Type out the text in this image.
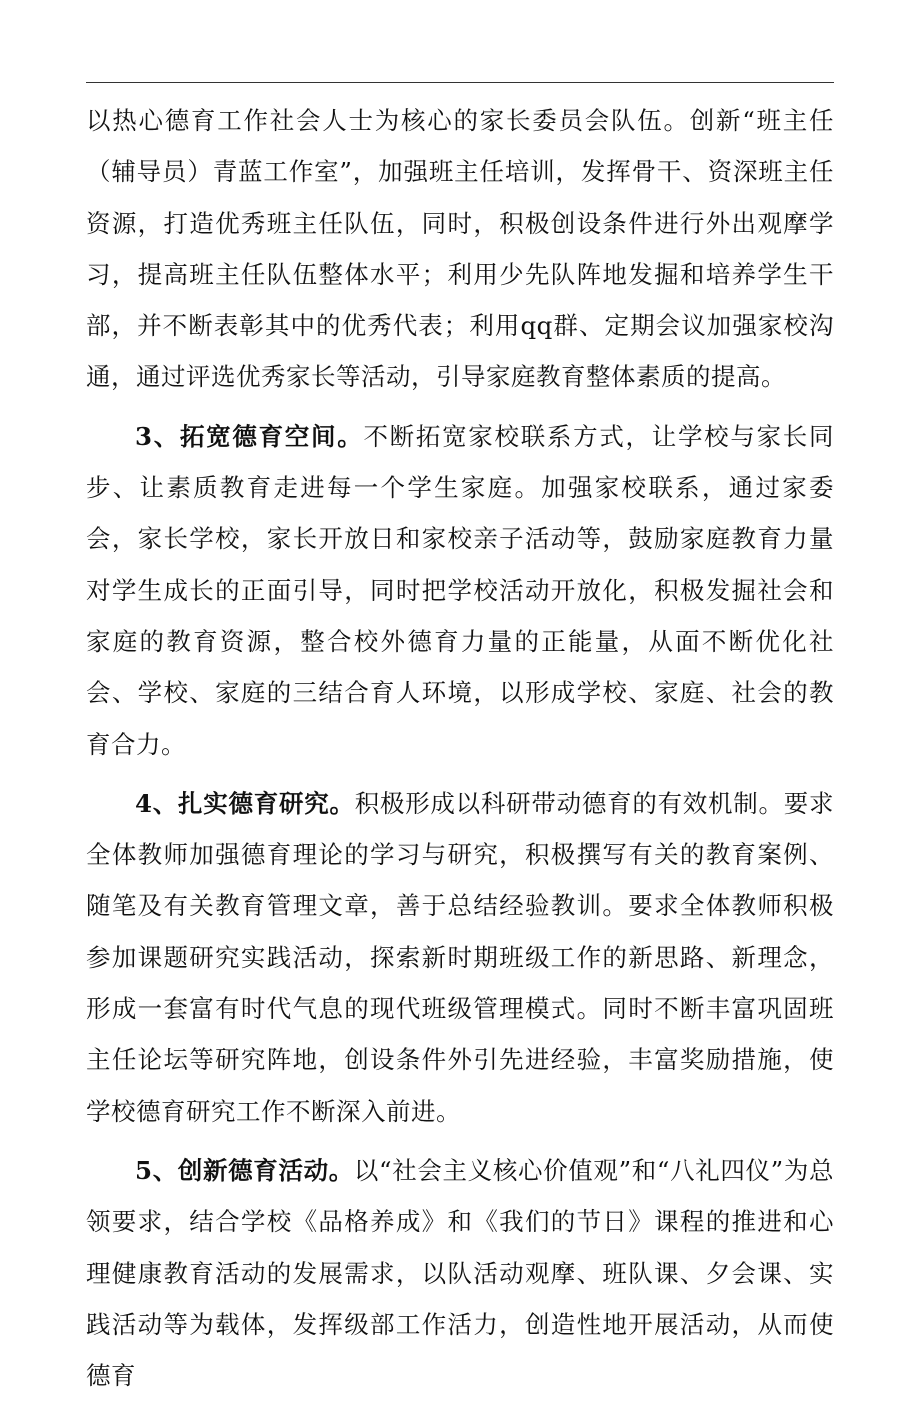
以热心德育工作社会人士为核心的家长委员会队伍。创新“班主任（辅导员）青蓝工作室”，加强班主任培训，发挥骨干、资深班主任资源，打造优秀班主任队伍，同时，积极创设条件进行外出观摩学习，提高班主任队伍整体水平；利用少先队阵地发掘和培养学生干部，并不断表彰其中的优秀代表；利用qq群、定期会议加强家校沟通，通过评选优秀家长等活动，引导家庭教育整体素质的提高。

3、拓宽德育空间。不断拓宽家校联系方式，让学校与家长同步、让素质教育走进每一个学生家庭。加强家校联系，通过家委会，家长学校，家长开放日和家校亲子活动等，鼓励家庭教育力量对学生成长的正面引导，同时把学校活动开放化，积极发掘社会和家庭的教育资源，整合校外德育力量的正能量，从面不断优化社会、学校、家庭的三结合育人环境，以形成学校、家庭、社会的教育合力。

4、扎实德育研究。积极形成以科研带动德育的有效机制。要求全体教师加强德育理论的学习与研究，积极撰写有关的教育案例、随笔及有关教育管理文章，善于总结经验教训。要求全体教师积极参加课题研究实践活动，探索新时期班级工作的新思路、新理念，形成一套富有时代气息的现代班级管理模式。同时不断丰富巩固班主任论坛等研究阵地，创设条件外引先进经验，丰富奖励措施，使学校德育研究工作不断深入前进。

5、创新德育活动。以“社会主义核心价值观”和“八礼四仪”为总领要求，结合学校《品格养成》和《我们的节日》课程的推进和心理健康教育活动的发展需求，以队活动观摩、班队课、夕会课、实践活动等为载体，发挥级部工作活力，创造性地开展活动，从而使德育
